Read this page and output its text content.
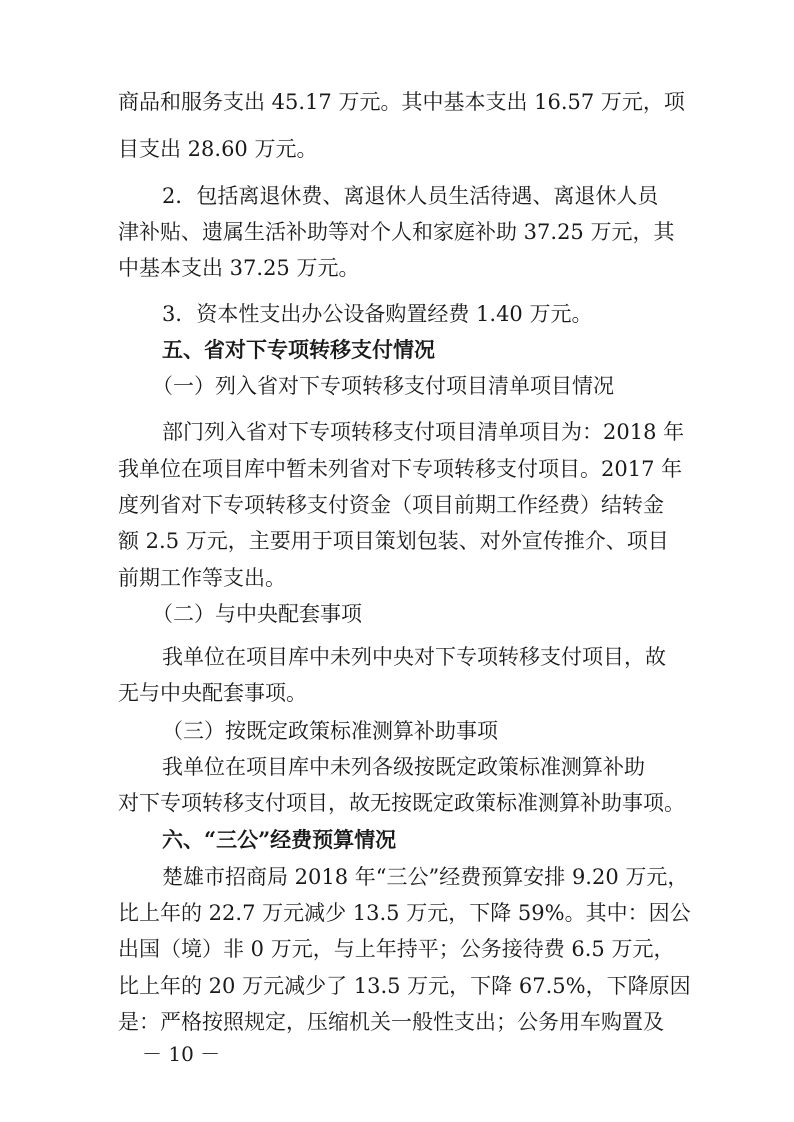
商品和服务支出 45.17 万元。其中基本支出 16.57 万元，项
目支出 28.60 万元。
2．包括离退休费、离退休人员生活待遇、离退休人员
津补贴、遗属生活补助等对个人和家庭补助 37.25 万元，其
中基本支出 37.25 万元。
3．资本性支出办公设备购置经费 1.40 万元。
五、省对下专项转移支付情况
（一）列入省对下专项转移支付项目清单项目情况
部门列入省对下专项转移支付项目清单项目为：2018 年
我单位在项目库中暂未列省对下专项转移支付项目。2017 年
度列省对下专项转移支付资金（项目前期工作经费）结转金
额 2.5 万元，主要用于项目策划包装、对外宣传推介、项目
前期工作等支出。
（二）与中央配套事项
我单位在项目库中未列中央对下专项转移支付项目，故
无与中央配套事项。
（三）按既定政策标准测算补助事项
我单位在项目库中未列各级按既定政策标准测算补助
对下专项转移支付项目，故无按既定政策标准测算补助事项。
六、“三公”经费预算情况
楚雄市招商局 2018 年“三公”经费预算安排 9.20 万元，
比上年的 22.7 万元减少 13.5 万元，下降 59%。其中：因公
出国（境）非 0 万元，与上年持平；公务接待费 6.5 万元，
比上年的 20 万元减少了 13.5 万元，下降 67.5%，下降原因
是：严格按照规定，压缩机关一般性支出；公务用车购置及
－ 10 －
